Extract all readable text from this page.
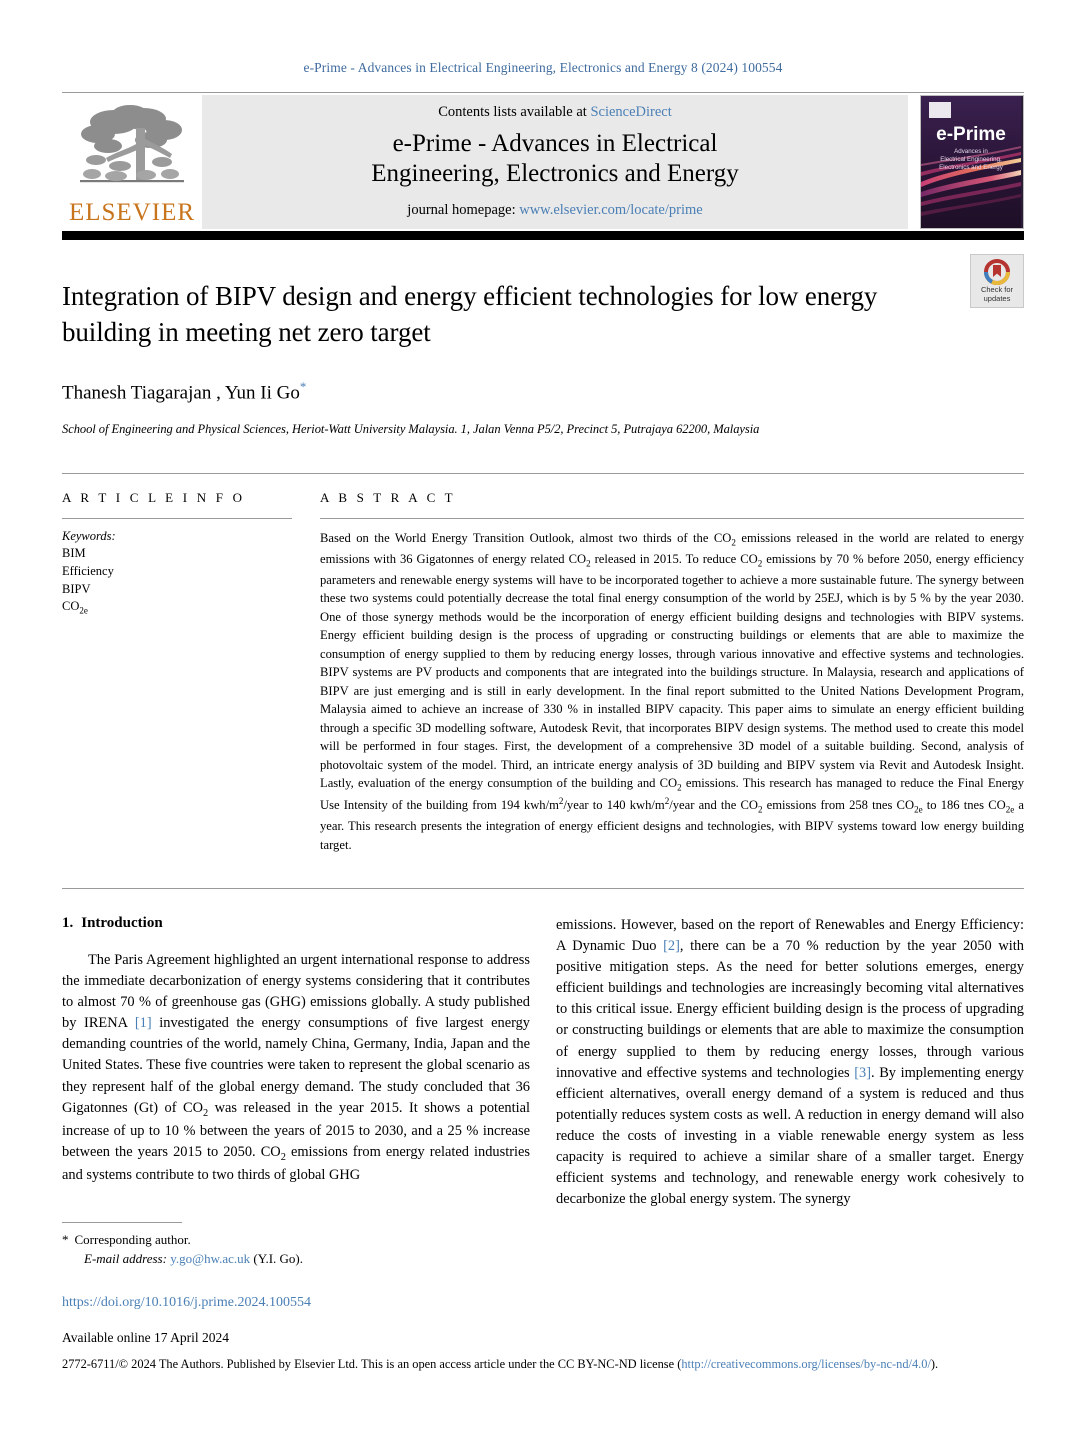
e-Prime - Advances in Electrical Engineering, Electronics and Energy 8 (2024) 100554
ELSEVIER
Contents lists available at ScienceDirect
e-Prime - Advances in Electrical
Engineering, Electronics and Energy
journal homepage: www.elsevier.com/locate/prime
e-Prime
Advances in
Electrical Engineering,
Electronics and Energy
Check for
updates
Integration of BIPV design and energy efficient technologies for low energy building in meeting net zero target
Thanesh Tiagarajan , Yun Ii Go*
School of Engineering and Physical Sciences, Heriot-Watt University Malaysia. 1, Jalan Venna P5/2, Precinct 5, Putrajaya 62200, Malaysia
A R T I C L E I N F O
Keywords:
BIM
Efficiency
BIPV
$CO_{2e}$
A B S T R A C T

Based on the World Energy Transition Outlook, almost two thirds of the $CO_2$ emissions released in the world are related to energy emissions with 36 Gigatonnes of energy related $CO_2$ released in 2015. To reduce $CO_2$ emissions by 70 % before 2050, energy efficiency parameters and renewable energy systems will have to be incorporated together to achieve a more sustainable future. The synergy between these two systems could potentially decrease the total final energy consumption of the world by 25EJ, which is by 5 % by the year 2030. One of those synergy methods would be the incorporation of energy efficient building designs and technologies with BIPV systems. Energy efficient building design is the process of upgrading or constructing buildings or elements that are able to maximize the consumption of energy supplied to them by reducing energy losses, through various innovative and effective systems and technologies. BIPV systems are PV products and components that are integrated into the buildings structure. In Malaysia, research and applications of BIPV are just emerging and is still in early development. In the final report submitted to the United Nations Development Program, Malaysia aimed to achieve an increase of 330 % in installed BIPV capacity. This paper aims to simulate an energy efficient building through a specific 3D modelling software, Autodesk Revit, that incorporates BIPV design systems. The method used to create this model will be performed in four stages. First, the development of a comprehensive 3D model of a suitable building. Second, analysis of photovoltaic system of the model. Third, an intricate energy analysis of 3D building and BIPV system via Revit and Autodesk Insight. Lastly, evaluation of the energy consumption of the building and $CO_2$ emissions. This research has managed to reduce the Final Energy Use Intensity of the building from 194 kwh/$m^2$/year to 140 kwh/$m^2$/year and the $CO_2$ emissions from 258 tnes $CO_{2e}$ to 186 tnes $CO_{2e}$ a year. This research presents the integration of energy efficient designs and technologies, with BIPV systems toward low energy building target.

1. Introduction

The Paris Agreement highlighted an urgent international response to address the immediate decarbonization of energy systems considering that it contributes to almost 70 % of greenhouse gas (GHG) emissions globally. A study published by IRENA [1] investigated the energy consumptions of five largest energy demanding countries of the world, namely China, Germany, India, Japan and the United States. These five countries were taken to represent the global scenario as they represent half of the global energy demand. The study concluded that 36 Gigatonnes (Gt) of $CO_2$ was released in the year 2015. It shows a potential increase of up to 10 % between the years of 2015 to 2030, and a 25 % increase between the years 2015 to 2050. $CO_2$ emissions from energy related industries and systems contribute to two thirds of global GHG

emissions. However, based on the report of Renewables and Energy Efficiency: A Dynamic Duo [2], there can be a 70 % reduction by the year 2050 with positive mitigation steps. As the need for better solutions emerges, energy efficient buildings and technologies are increasingly becoming vital alternatives to this critical issue. Energy efficient building design is the process of upgrading or constructing buildings or elements that are able to maximize the consumption of energy supplied to them by reducing energy losses, through various innovative and effective systems and technologies [3]. By implementing energy efficient alternatives, overall energy demand of a system is reduced and thus potentially reduces system costs as well. A reduction in energy demand will also reduce the costs of investing in a viable renewable energy system as less capacity is required to achieve a similar share of a smaller target. Energy efficient systems and technology, and renewable energy work cohesively to decarbonize the global energy system. The synergy

* Corresponding author.
E-mail address: y.go@hw.ac.uk (Y.I. Go).
https://doi.org/10.1016/j.prime.2024.100554
Available online 17 April 2024
2772-6711/© 2024 The Authors. Published by Elsevier Ltd. This is an open access article under the CC BY-NC-ND license (http://creativecommons.org/licenses/by-nc-nd/4.0/).
